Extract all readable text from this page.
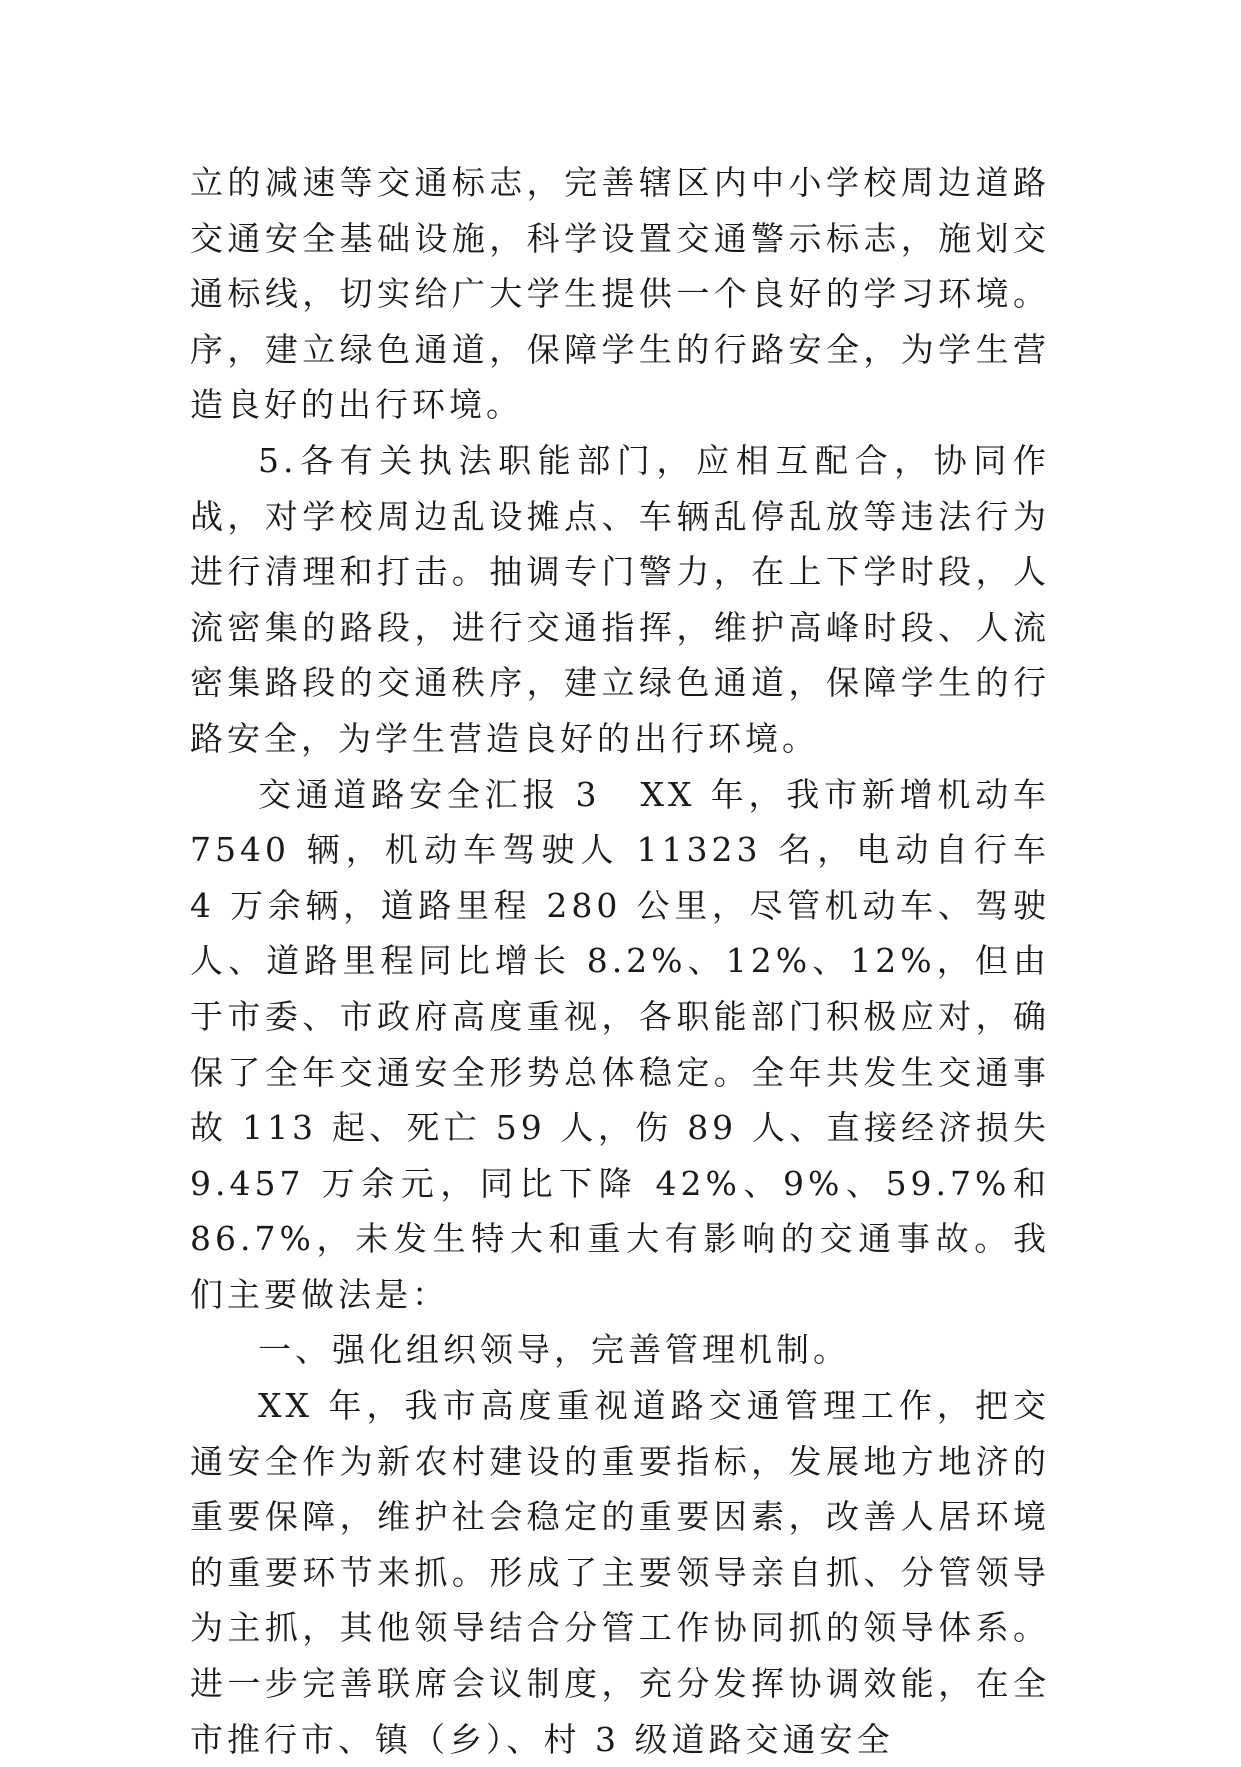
立的减速等交通标志，完善辖区内中小学校周边道路交通安全基础设施，科学设置交通警示标志，施划交通标线，切实给广大学生提供一个良好的学习环境。序，建立绿色通道，保障学生的行路安全，为学生营造良好的出行环境。

5.各有关执法职能部门，应相互配合，协同作战，对学校周边乱设摊点、车辆乱停乱放等违法行为进行清理和打击。抽调专门警力，在上下学时段，人流密集的路段，进行交通指挥，维护高峰时段、人流密集路段的交通秩序，建立绿色通道，保障学生的行路安全，为学生营造良好的出行环境。

交通道路安全汇报 3 XX 年，我市新增机动车 7540 辆，机动车驾驶人 11323 名，电动自行车 4 万余辆，道路里程 280 公里，尽管机动车、驾驶人、道路里程同比增长 8.2%、12%、12%，但由于市委、市政府高度重视，各职能部门积极应对，确保了全年交通安全形势总体稳定。全年共发生交通事故 113 起、死亡 59 人，伤 89 人、直接经济损失 9.457 万余元，同比下降 42%、9%、59.7%和 86.7%，未发生特大和重大有影响的交通事故。我们主要做法是：

一、强化组织领导，完善管理机制。

XX 年，我市高度重视道路交通管理工作，把交通安全作为新农村建设的重要指标，发展地方地济的重要保障，维护社会稳定的重要因素，改善人居环境的重要环节来抓。形成了主要领导亲自抓、分管领导为主抓，其他领导结合分管工作协同抓的领导体系。进一步完善联席会议制度，充分发挥协调效能，在全市推行市、镇（乡）、村 3 级道路交通安全
